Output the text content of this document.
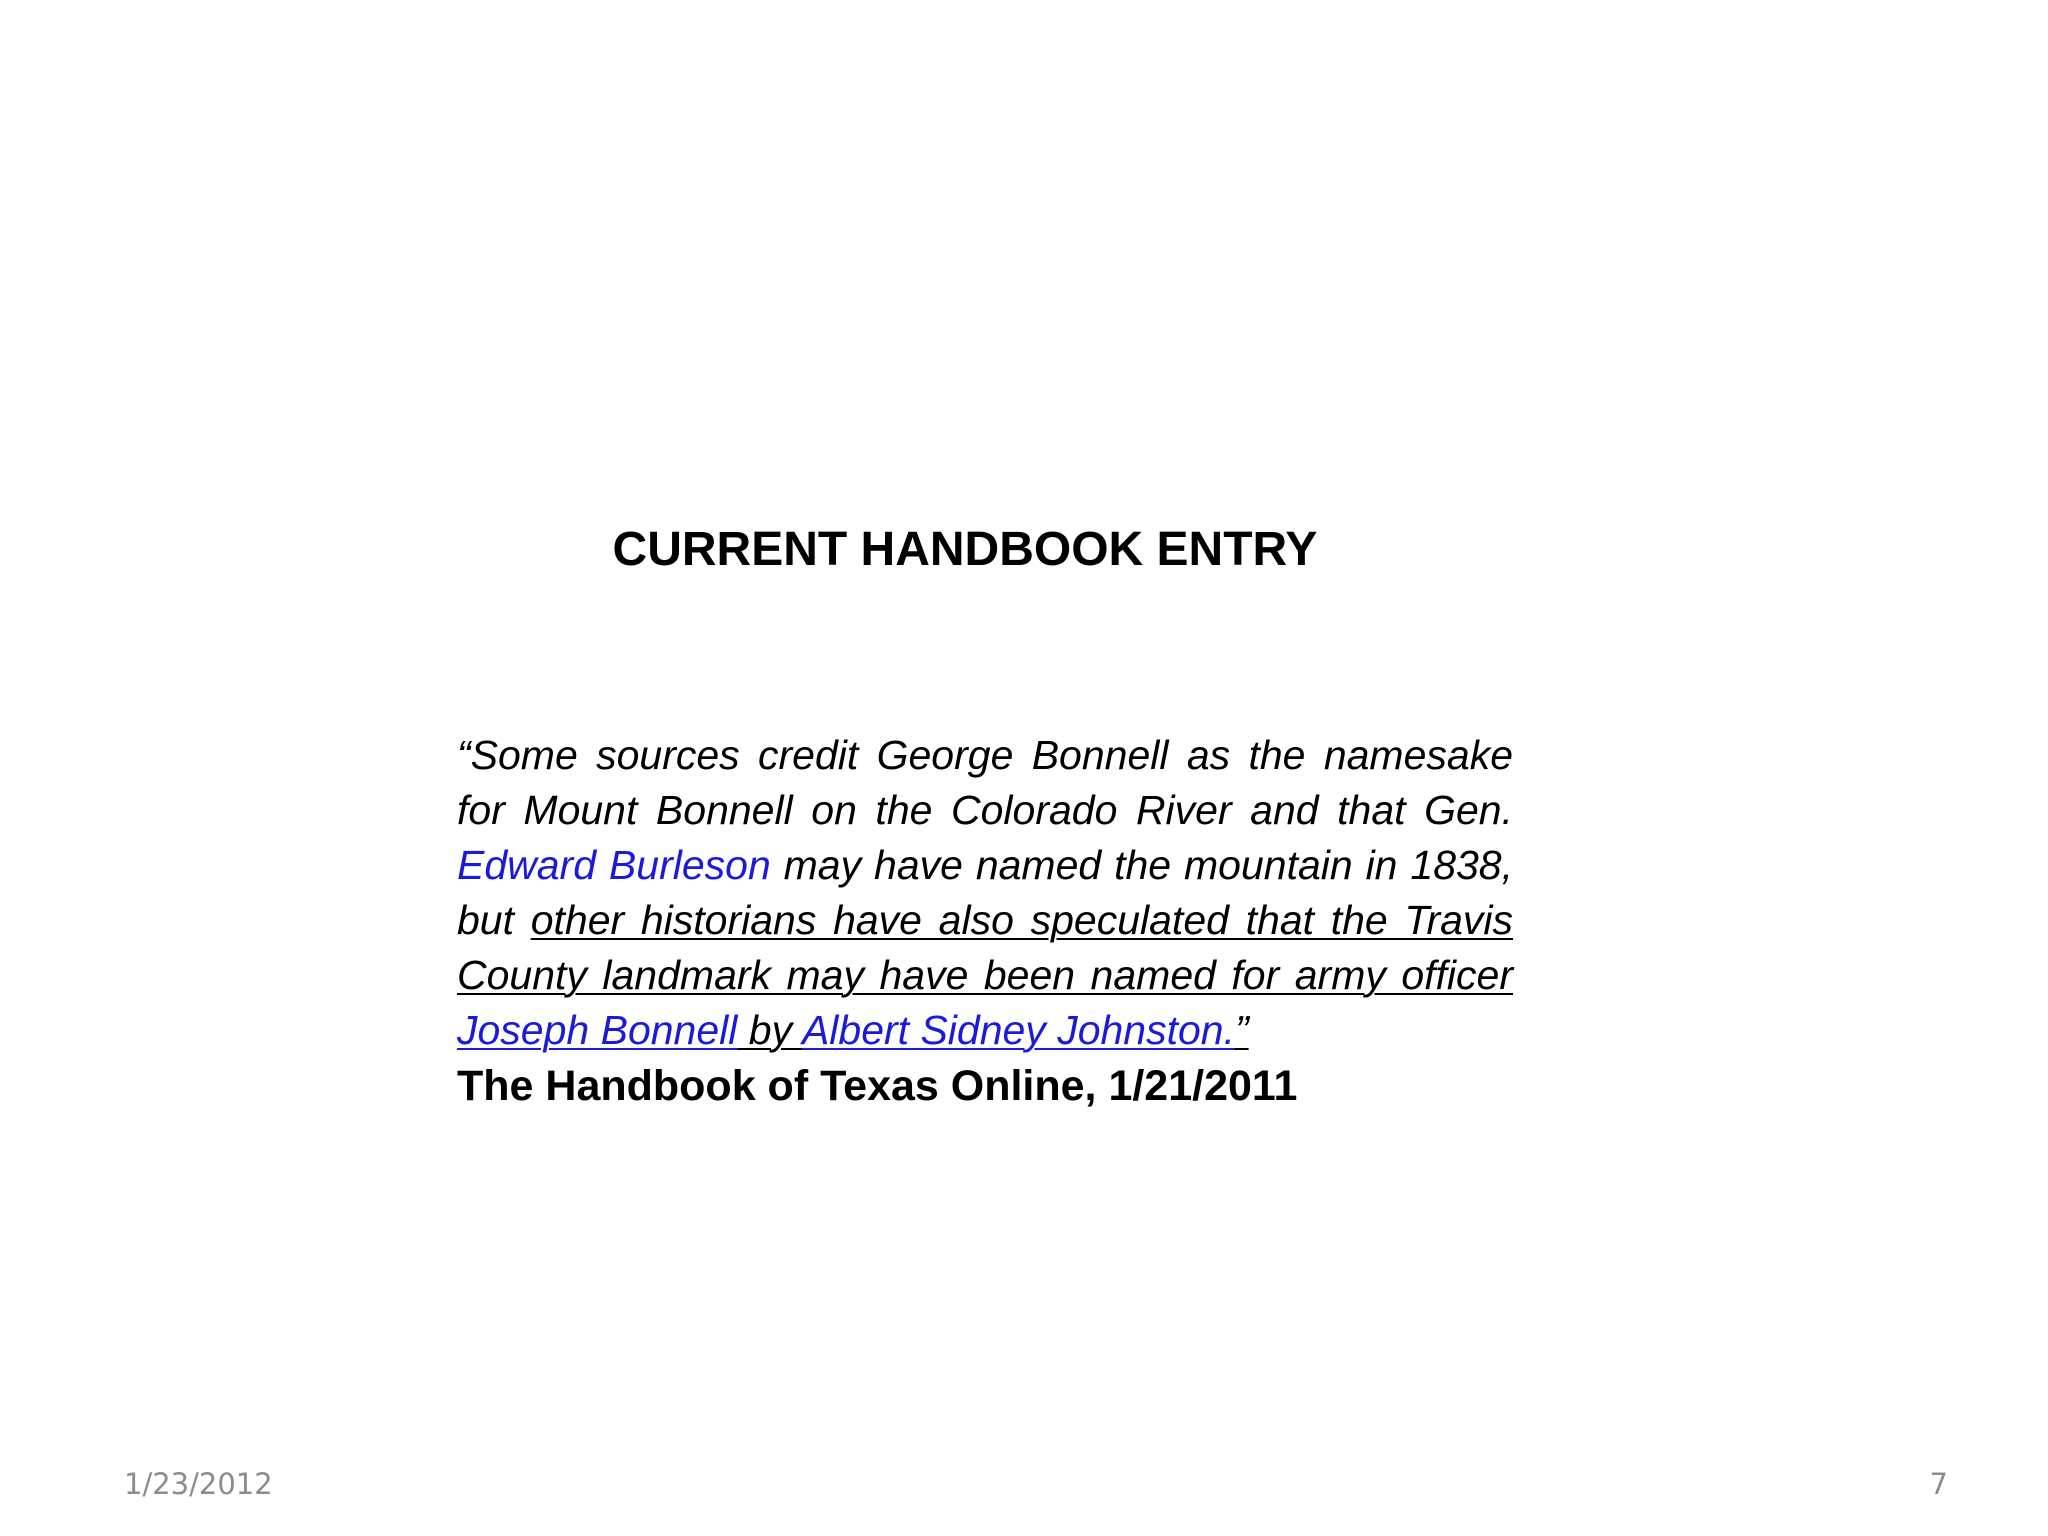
CURRENT HANDBOOK ENTRY

“Some sources credit George Bonnell as the namesake for Mount Bonnell on the Colorado River and that Gen. Edward Burleson may have named the mountain in 1838, but other historians have also speculated that the Travis County landmark may have been named for army officer Joseph Bonnell by Albert Sidney Johnston.”

The Handbook of Texas Online, 1/21/2011

1/23/2012	7
